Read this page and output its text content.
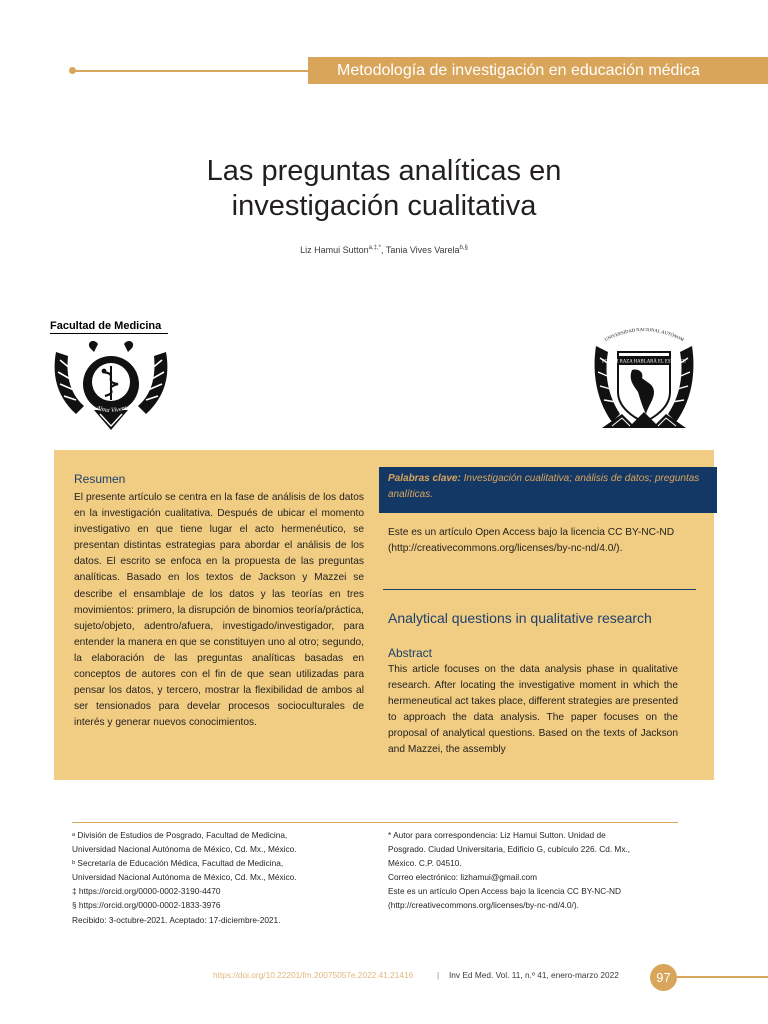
Metodología de investigación en educación médica
Las preguntas analíticas en
investigación cualitativa
Liz Hamui Sutton$^{a,\ddagger,*}$, Tania Vives Varela$^{b,\S}$
Facultad de Medicina
Alma Vivens
UNIVERSIDAD NACIONAL AUTÓNOM
POR MI RAZA HABLARÁ EL ESPÍRITU
Resumen

El presente artículo se centra en la fase de análisis de los datos en la investigación cualitativa. Después de ubicar el momento investigativo en que tiene lugar el acto hermenéutico, se presentan distintas estrategias para abordar el análisis de los datos. El escrito se enfoca en la propuesta de las preguntas analíticas. Basado en los textos de Jackson y Mazzei se describe el ensamblaje de los datos y las teorías en tres movimientos: primero, la disrupción de binomios teoría/práctica, sujeto/objeto, adentro/afuera, investigado/investigador, para entender la manera en que se constituyen uno al otro; segundo, la elaboración de las preguntas analíticas basadas en conceptos de autores con el fin de que sean utilizadas para pensar los datos, y tercero, mostrar la flexibilidad de ambos al ser tensionados para develar procesos socioculturales de interés y generar nuevos conocimientos.

Palabras clave: Investigación cualitativa; análisis de datos; preguntas analíticas.

Este es un artículo Open Access bajo la licencia CC BY-NC-ND (http://creativecommons.org/licenses/by-nc-nd/4.0/).

Analytical questions in qualitative research
Abstract

This article focuses on the data analysis phase in qualitative research. After locating the investigative moment in which the hermeneutical act takes place, different strategies are presented to approach the data analysis. The paper focuses on the proposal of analytical questions. Based on the texts of Jackson and Mazzei, the assembly

ᵃ División de Estudios de Posgrado, Facultad de Medicina,
Universidad Nacional Autónoma de México, Cd. Mx., México.
ᵇ Secretaría de Educación Médica, Facultad de Medicina,
Universidad Nacional Autónoma de México, Cd. Mx., México.
‡ https://orcid.org/0000-0002-3190-4470
§ https://orcid.org/0000-0002-1833-3976
Recibido: 3-octubre-2021. Aceptado: 17-diciembre-2021.
* Autor para correspondencia: Liz Hamui Sutton. Unidad de
Posgrado. Ciudad Universitaria, Edificio G, cubículo 226. Cd. Mx.,
México. C.P. 04510.
Correo electrónico: lizhamui@gmail.com
Este es un artículo Open Access bajo la licencia CC BY-NC-ND
(http://creativecommons.org/licenses/by-nc-nd/4.0/).
https://doi.org/10.22201/fm.20075057e.2022.41.21416	| Inv Ed Med. Vol. 11, n.º 41, enero-marzo 2022	97
